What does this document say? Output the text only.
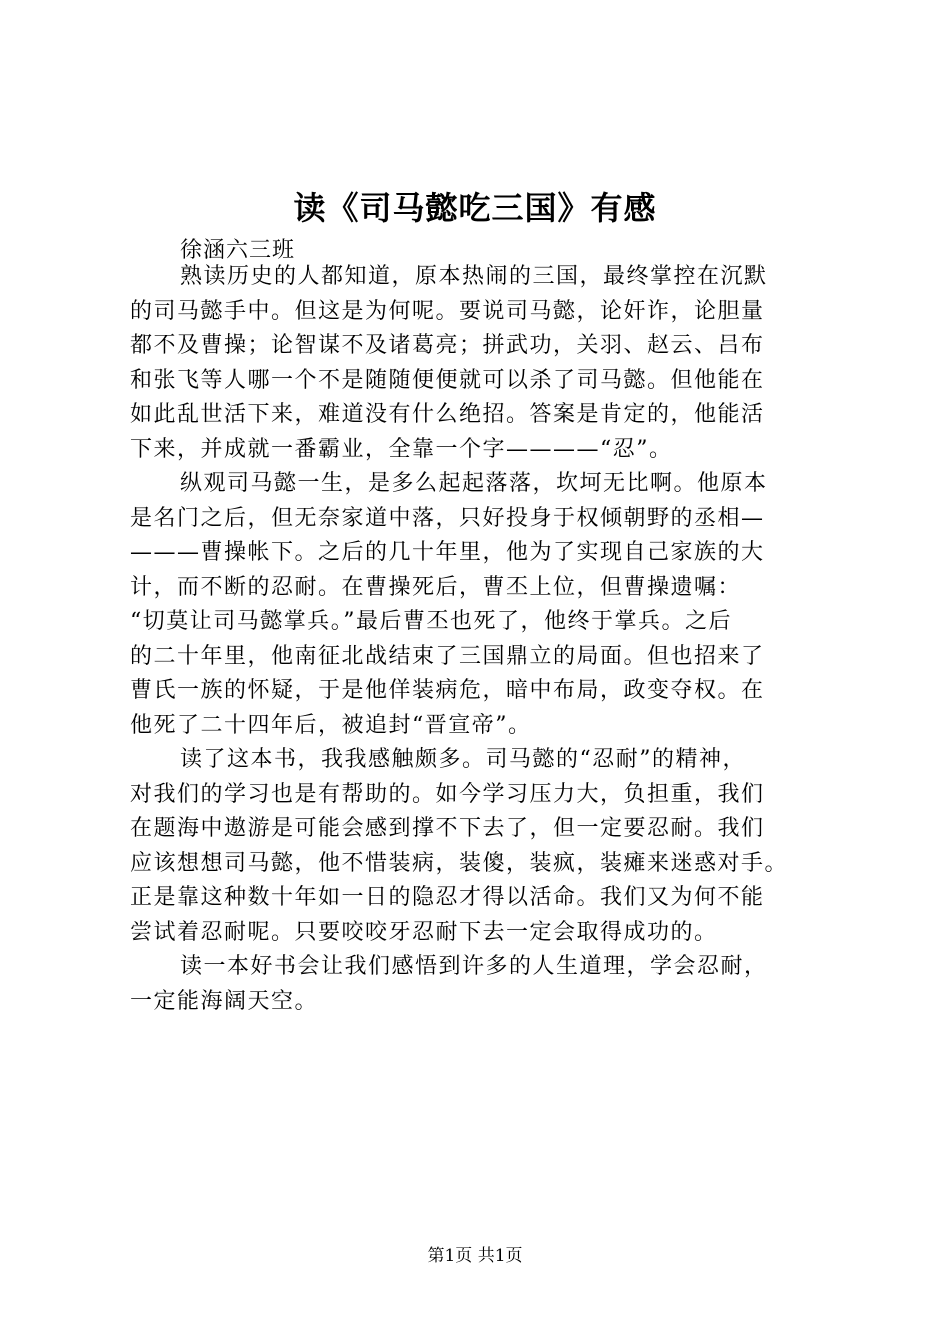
读《司马懿吃三国》有感
徐涵六三班
熟读历史的人都知道，原本热闹的三国，最终掌控在沉默
的司马懿手中。但这是为何呢。要说司马懿，论奸诈，论胆量
都不及曹操；论智谋不及诸葛亮；拼武功，关羽、赵云、吕布
和张飞等人哪一个不是随随便便就可以杀了司马懿。但他能在
如此乱世活下来，难道没有什么绝招。答案是肯定的，他能活
下来，并成就一番霸业，全靠一个字————“忍”。
纵观司马懿一生，是多么起起落落，坎坷无比啊。他原本
是名门之后，但无奈家道中落，只好投身于权倾朝野的丞相—
———曹操帐下。之后的几十年里，他为了实现自己家族的大
计，而不断的忍耐。在曹操死后，曹丕上位，但曹操遗嘱：
“切莫让司马懿掌兵。”最后曹丕也死了，他终于掌兵。之后
的二十年里，他南征北战结束了三国鼎立的局面。但也招来了
曹氏一族的怀疑，于是他佯装病危，暗中布局，政变夺权。在
他死了二十四年后，被追封“晋宣帝”。
读了这本书，我我感触颇多。司马懿的“忍耐”的精神，
对我们的学习也是有帮助的。如今学习压力大，负担重，我们
在题海中遨游是可能会感到撑不下去了，但一定要忍耐。我们
应该想想司马懿，他不惜装病，装傻，装疯，装瘫来迷惑对手。
正是靠这种数十年如一日的隐忍才得以活命。我们又为何不能
尝试着忍耐呢。只要咬咬牙忍耐下去一定会取得成功的。
读一本好书会让我们感悟到许多的人生道理，学会忍耐，
一定能海阔天空。
第1页 共1页
